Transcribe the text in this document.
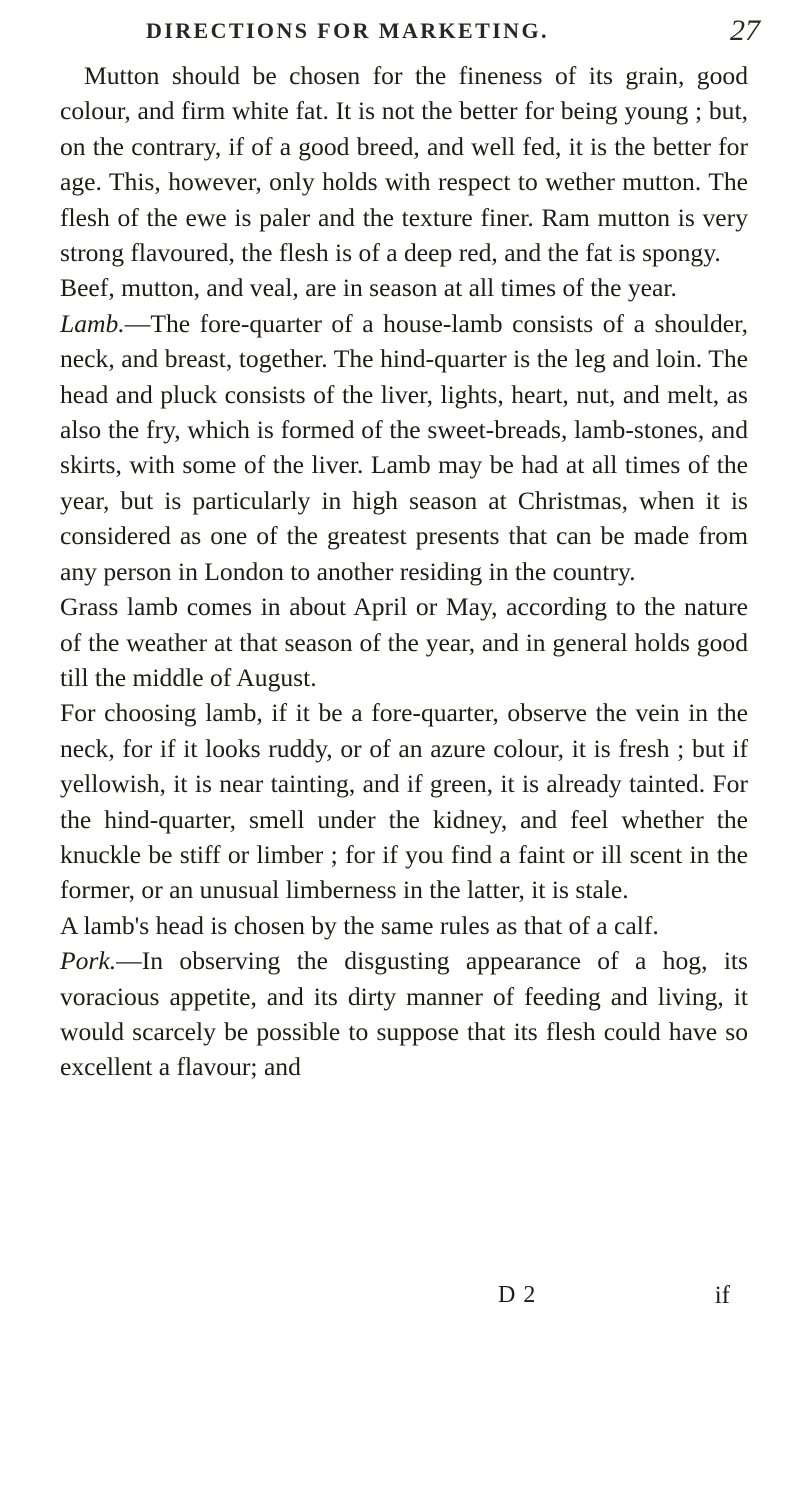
DIRECTIONS FOR MARKETING.	27

Mutton should be chosen for the fineness of its grain, good colour, and firm white fat. It is not the better for being young ; but, on the contrary, if of a good breed, and well fed, it is the better for age. This, however, only holds with respect to wether mutton. The flesh of the ewe is paler and the texture finer. Ram mutton is very strong flavoured, the flesh is of a deep red, and the fat is spongy.

Beef, mutton, and veal, are in season at all times of the year.

Lamb.—The fore-quarter of a house-lamb consists of a shoulder, neck, and breast, together. The hind-quarter is the leg and loin. The head and pluck consists of the liver, lights, heart, nut, and melt, as also the fry, which is formed of the sweet-breads, lamb-stones, and skirts, with some of the liver. Lamb may be had at all times of the year, but is particularly in high season at Christmas, when it is considered as one of the greatest presents that can be made from any person in London to another residing in the country.

Grass lamb comes in about April or May, according to the nature of the weather at that season of the year, and in general holds good till the middle of August.

For choosing lamb, if it be a fore-quarter, observe the vein in the neck, for if it looks ruddy, or of an azure colour, it is fresh ; but if yellowish, it is near tainting, and if green, it is already tainted. For the hind-quarter, smell under the kidney, and feel whether the knuckle be stiff or limber ; for if you find a faint or ill scent in the former, or an unusual limberness in the latter, it is stale.

A lamb's head is chosen by the same rules as that of a calf.

Pork.—In observing the disgusting appearance of a hog, its voracious appetite, and its dirty manner of feeding and living, it would scarcely be possible to suppose that its flesh could have so excellent a flavour; and

D 2	if
